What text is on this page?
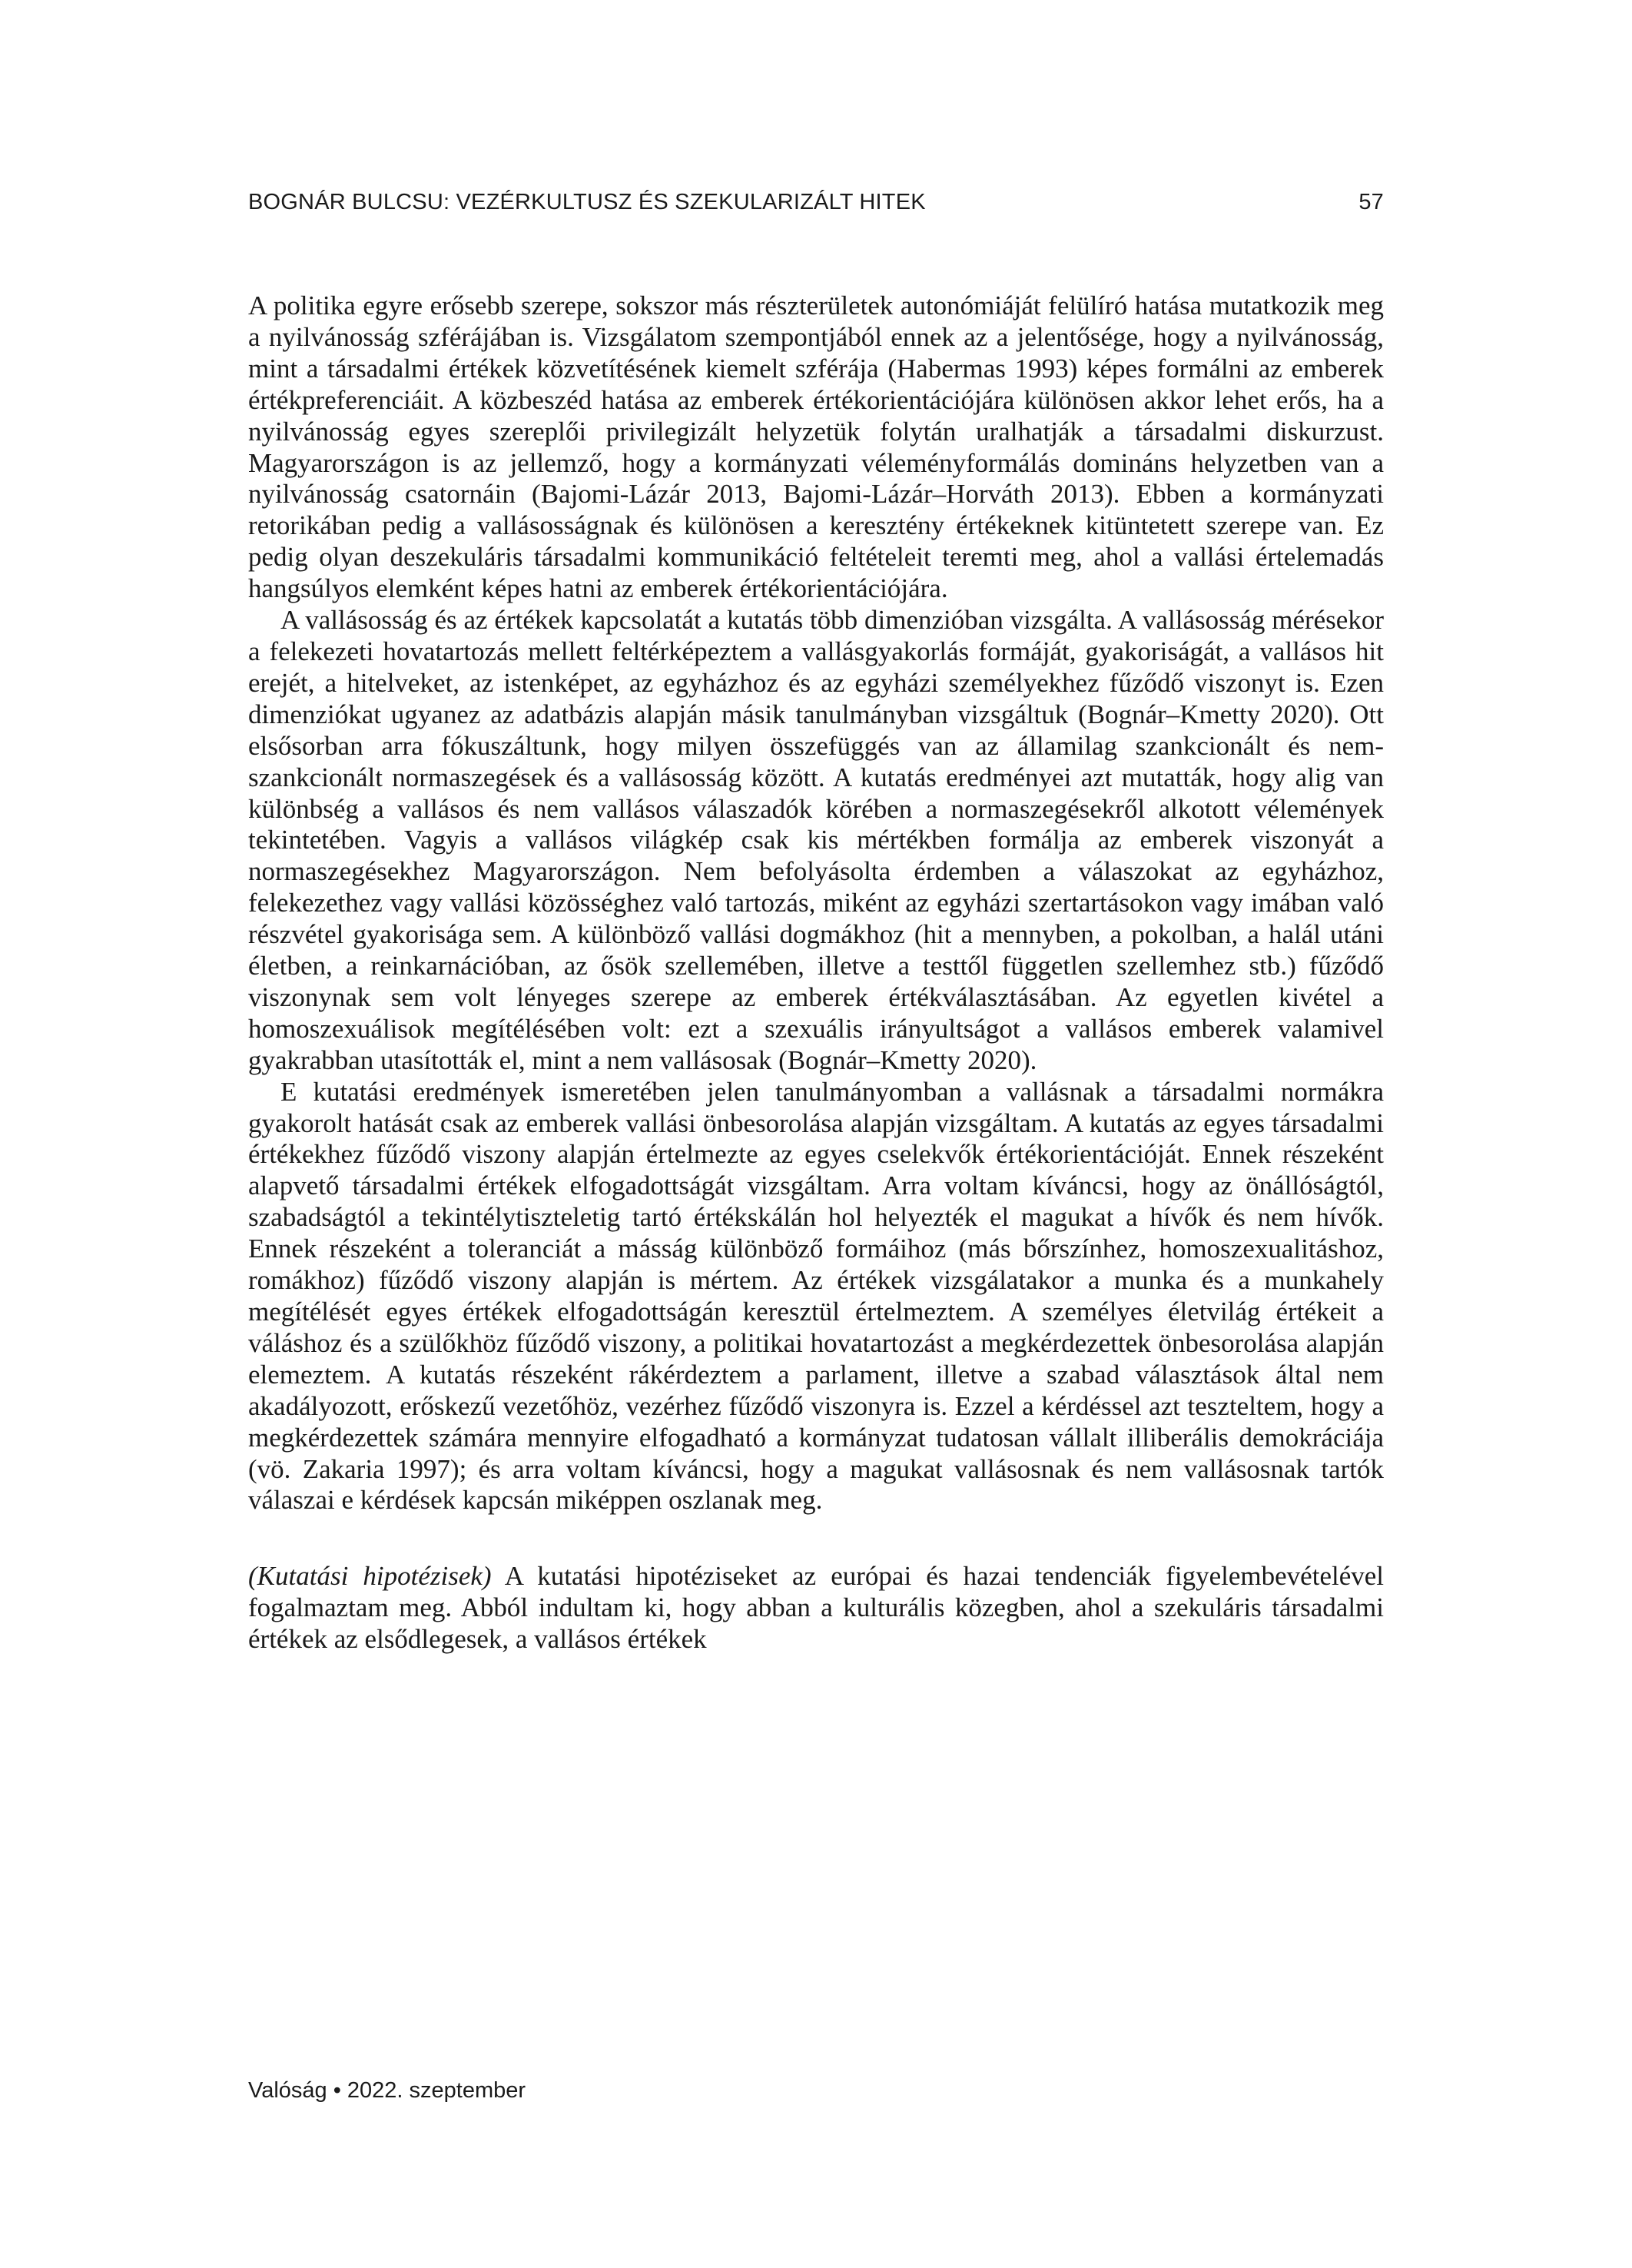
BOGNÁR BULCSU: VEZÉRKULTUSZ ÉS SZEKULARIZÁLT HITEK	57

A politika egyre erősebb szerepe, sokszor más részterületek autonómiáját felülíró hatása mutatkozik meg a nyilvánosság szférájában is. Vizsgálatom szempontjából ennek az a jelentősége, hogy a nyilvánosság, mint a társadalmi értékek közvetítésének kiemelt szférája (Habermas 1993) képes formálni az emberek értékpreferenciáit. A közbeszéd hatása az emberek értékorientációjára különösen akkor lehet erős, ha a nyilvánosság egyes szereplői privilegizált helyzetük folytán uralhatják a társadalmi diskurzust. Magyarországon is az jellemző, hogy a kormányzati véleményformálás domináns helyzetben van a nyilvánosság csatornáin (Bajomi-Lázár 2013, Bajomi-Lázár–Horváth 2013). Ebben a kormányzati retorikában pedig a vallásosságnak és különösen a keresztény értékeknek kitüntetett szerepe van. Ez pedig olyan deszekuláris társadalmi kommunikáció feltételeit teremti meg, ahol a vallási értelemadás hangsúlyos elemként képes hatni az emberek értékorientációjára.

A vallásosság és az értékek kapcsolatát a kutatás több dimenzióban vizsgálta. A vallásosság mérésekor a felekezeti hovatartozás mellett feltérképeztem a vallásgyakorlás formáját, gyakoriságát, a vallásos hit erejét, a hitelveket, az istenképet, az egyházhoz és az egyházi személyekhez fűződő viszonyt is. Ezen dimenziókat ugyanez az adatbázis alapján másik tanulmányban vizsgáltuk (Bognár–Kmetty 2020). Ott elsősorban arra fókuszáltunk, hogy milyen összefüggés van az államilag szankcionált és nem-szankcionált normaszegések és a vallásosság között. A kutatás eredményei azt mutatták, hogy alig van különbség a vallásos és nem vallásos válaszadók körében a normaszegésekről alkotott vélemények tekintetében. Vagyis a vallásos világkép csak kis mértékben formálja az emberek viszonyát a normaszegésekhez Magyarországon. Nem befolyásolta érdemben a válaszokat az egyházhoz, felekezethez vagy vallási közösséghez való tartozás, miként az egyházi szertartásokon vagy imában való részvétel gyakorisága sem. A különböző vallási dogmákhoz (hit a mennyben, a pokolban, a halál utáni életben, a reinkarnációban, az ősök szellemében, illetve a testtől független szellemhez stb.) fűződő viszonynak sem volt lényeges szerepe az emberek értékválasztásában. Az egyetlen kivétel a homoszexuálisok megítélésében volt: ezt a szexuális irányultságot a vallásos emberek valamivel gyakrabban utasították el, mint a nem vallásosak (Bognár–Kmetty 2020).

E kutatási eredmények ismeretében jelen tanulmányomban a vallásnak a társadalmi normákra gyakorolt hatását csak az emberek vallási önbesorolása alapján vizsgáltam. A kutatás az egyes társadalmi értékekhez fűződő viszony alapján értelmezte az egyes cselekvők értékorientációját. Ennek részeként alapvető társadalmi értékek elfogadottságát vizsgáltam. Arra voltam kíváncsi, hogy az önállóságtól, szabadságtól a tekintélytiszteletig tartó értékskálán hol helyezték el magukat a hívők és nem hívők. Ennek részeként a toleranciát a másság különböző formáihoz (más bőrszínhez, homoszexualitáshoz, romákhoz) fűződő viszony alapján is mértem. Az értékek vizsgálatakor a munka és a munkahely megítélését egyes értékek elfogadottságán keresztül értelmeztem. A személyes életvilág értékeit a váláshoz és a szülőkhöz fűződő viszony, a politikai hovatartozást a megkérdezettek önbesorolása alapján elemeztem. A kutatás részeként rákérdeztem a parlament, illetve a szabad választások által nem akadályozott, erőskezű vezetőhöz, vezérhez fűződő viszonyra is. Ezzel a kérdéssel azt teszteltem, hogy a megkérdezettek számára mennyire elfogadható a kormányzat tudatosan vállalt illiberális demokráciája (vö. Zakaria 1997); és arra voltam kíváncsi, hogy a magukat vallásosnak és nem vallásosnak tartók válaszai e kérdések kapcsán miképpen oszlanak meg.

(Kutatási hipotézisek) A kutatási hipotéziseket az európai és hazai tendenciák figyelembevételével fogalmaztam meg. Abból indultam ki, hogy abban a kulturális közegben, ahol a szekuláris társadalmi értékek az elsődlegesek, a vallásos értékek

Valóság • 2022. szeptember
